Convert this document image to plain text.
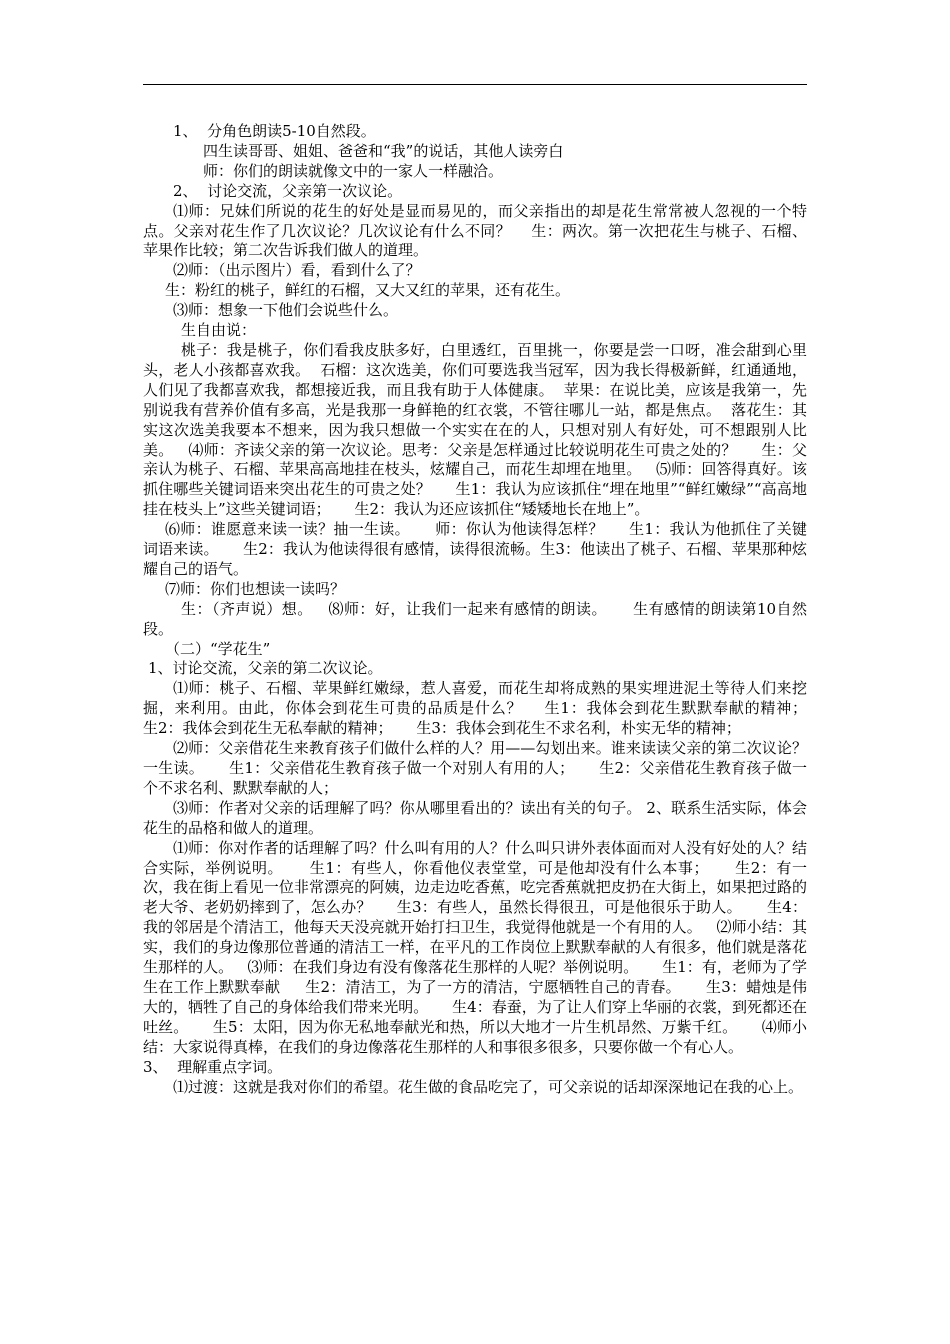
1、  分角色朗读5-10自然段。

四生读哥哥、姐姐、爸爸和“我”的说话，其他人读旁白

师：你们的朗读就像文中的一家人一样融洽。

2、  讨论交流，父亲第一次议论。

⑴师：兄妹们所说的花生的好处是显而易见的，而父亲指出的却是花生常常被人忽视的一个特点。父亲对花生作了几次议论？几次议论有什么不同？    生：两次。第一次把花生与桃子、石榴、苹果作比较；第二次告诉我们做人的道理。

⑵师：（出示图片）看，看到什么了？

生：粉红的桃子，鲜红的石榴，又大又红的苹果，还有花生。

⑶师：想象一下他们会说些什么。

生自由说：

桃子：我是桃子，你们看我皮肤多好，白里透红，百里挑一，你要是尝一口呀，准会甜到心里头，老人小孩都喜欢我。  石榴：这次选美，你们可要选我当冠军，因为我长得极新鲜，红通通地，人们见了我都喜欢我，都想接近我，而且我有助于人体健康。  苹果：在说比美，应该是我第一，先别说我有营养价值有多高，光是我那一身鲜艳的红衣裳，不管往哪儿一站，都是焦点。  落花生：其实这次选美我要本不想来，因为我只想做一个实实在在的人，只想对别人有好处，可不想跟别人比美。   ⑷师：齐读父亲的第一次议论。思考：父亲是怎样通过比较说明花生可贵之处的？     生：父亲认为桃子、石榴、苹果高高地挂在枝头，炫耀自己，而花生却埋在地里。   ⑸师：回答得真好。该抓住哪些关键词语来突出花生的可贵之处？     生1：我认为应该抓住“埋在地里”“鲜红嫩绿”“高高地挂在枝头上”这些关键词语；     生2：我认为还应该抓住“矮矮地长在地上”。

⑹师：谁愿意来读一读？抽一生读。     师：你认为他读得怎样？     生1：我认为他抓住了关键词语来读。     生2：我认为他读得很有感情，读得很流畅。生3：他读出了桃子、石榴、苹果那种炫耀自己的语气。

⑺师：你们也想读一读吗？

生：（齐声说）想。   ⑻师：好，让我们一起来有感情的朗读。     生有感情的朗读第10自然段。

（二）“学花生”

1、讨论交流，父亲的第二次议论。

⑴师：桃子、石榴、苹果鲜红嫩绿，惹人喜爱，而花生却将成熟的果实埋进泥土等待人们来挖掘，来利用。由此，你体会到花生可贵的品质是什么？    生1：我体会到花生默默奉献的精神；     生2：我体会到花生无私奉献的精神；     生3：我体会到花生不求名利，朴实无华的精神；

⑵师：父亲借花生来教育孩子们做什么样的人？用——勾划出来。谁来读读父亲的第二次议论？一生读。     生1：父亲借花生教育孩子做一个对别人有用的人；     生2：父亲借花生教育孩子做一个不求名利、默默奉献的人；

⑶师：作者对父亲的话理解了吗？你从哪里看出的？读出有关的句子。 2、联系生活实际，体会花生的品格和做人的道理。

⑴师：你对作者的话理解了吗？什么叫有用的人？什么叫只讲外表体面而对人没有好处的人？结合实际，举例说明。     生1：有些人，你看他仪表堂堂，可是他却没有什么本事；     生2：有一次，我在街上看见一位非常漂亮的阿姨，边走边吃香蕉，吃完香蕉就把皮扔在大街上，如果把过路的老大爷、老奶奶摔到了，怎么办？     生3：有些人，虽然长得很丑，可是他很乐于助人。     生4：我的邻居是个清洁工，他每天天没亮就开始打扫卫生，我觉得他就是一个有用的人。   ⑵师小结：其实，我们的身边像那位普通的清洁工一样，在平凡的工作岗位上默默奉献的人有很多，他们就是落花生那样的人。   ⑶师：在我们身边有没有像落花生那样的人呢？举例说明。     生1：有，老师为了学生在工作上默默奉献     生2：清洁工，为了一方的清洁，宁愿牺牲自己的青春。     生3：蜡烛是伟大的，牺牲了自己的身体给我们带来光明。     生4：春蚕，为了让人们穿上华丽的衣裳，到死都还在吐丝。     生5：太阳，因为你无私地奉献光和热，所以大地才一片生机昂然、万紫千红。     ⑷师小结：大家说得真棒，在我们的身边像落花生那样的人和事很多很多，只要你做一个有心人。

3、  理解重点字词。

⑴过渡：这就是我对你们的希望。花生做的食品吃完了，可父亲说的话却深深地记在我的心上。
